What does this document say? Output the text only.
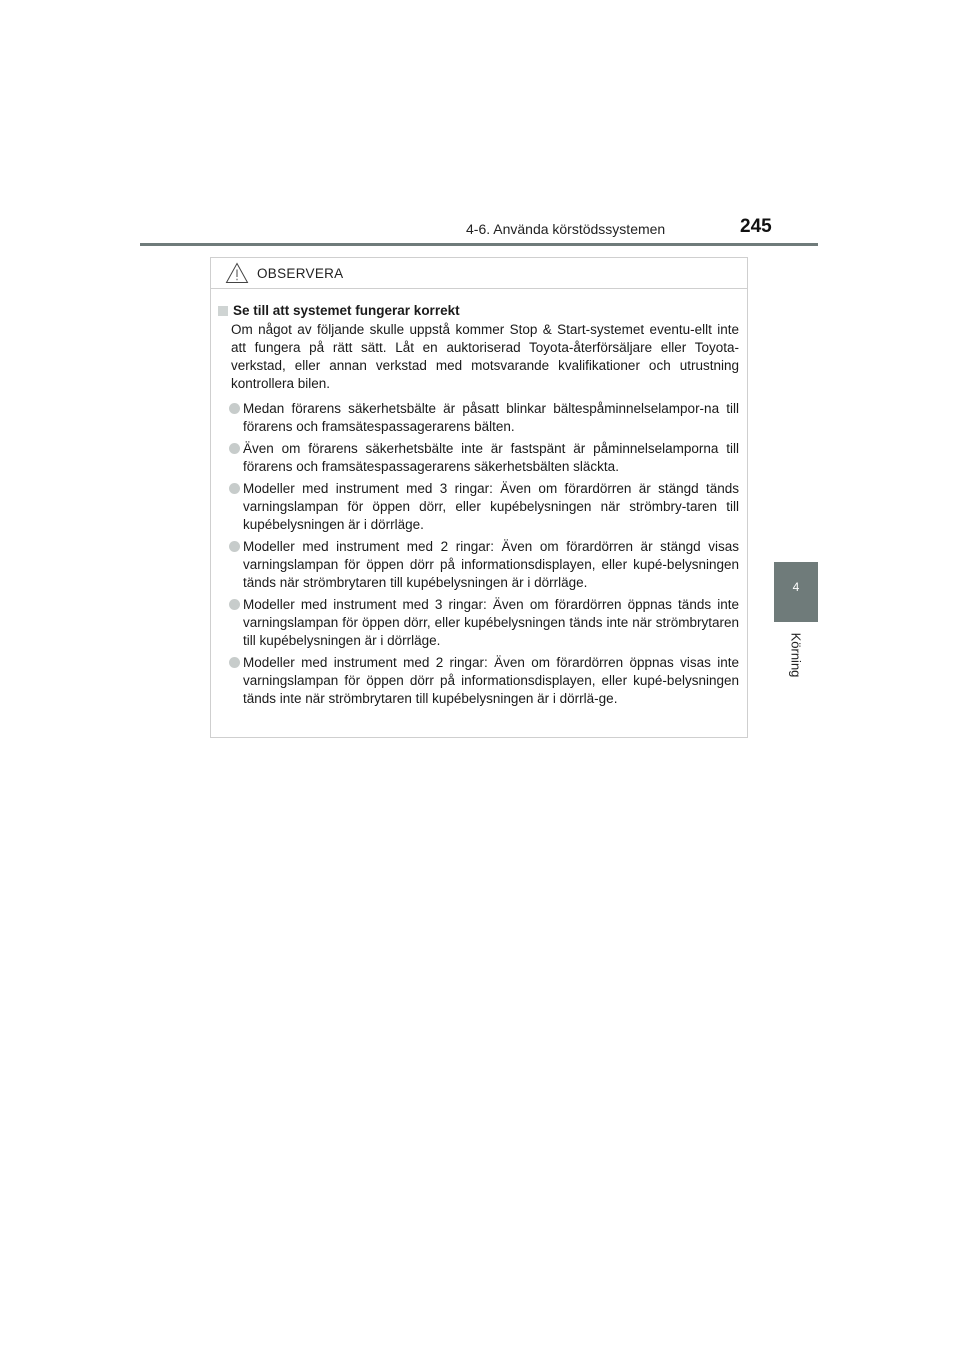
4-6. Använda körstödssystemen	245
4
Körning
OBSERVERA
Se till att systemet fungerar korrekt

Om något av följande skulle uppstå kommer Stop & Start-systemet eventu-ellt inte att fungera på rätt sätt. Låt en auktoriserad Toyota-återförsäljare eller Toyota-verkstad, eller annan verkstad med motsvarande kvalifikationer och utrustning kontrollera bilen.

Medan förarens säkerhetsbälte är påsatt blinkar bältespåminnelselampor-na till förarens och framsätespassagerarens bälten.
Även om förarens säkerhetsbälte inte är fastspänt är påminnelselamporna till förarens och framsätespassagerarens säkerhetsbälten släckta.
Modeller med instrument med 3 ringar: Även om förardörren är stängd tänds varningslampan för öppen dörr, eller kupébelysningen när strömbry-taren till kupébelysningen är i dörrläge.
Modeller med instrument med 2 ringar: Även om förardörren är stängd visas varningslampan för öppen dörr på informationsdisplayen, eller kupé-belysningen tänds när strömbrytaren till kupébelysningen är i dörrläge.
Modeller med instrument med 3 ringar: Även om förardörren öppnas tänds inte varningslampan för öppen dörr, eller kupébelysningen tänds inte när strömbrytaren till kupébelysningen är i dörrläge.
Modeller med instrument med 2 ringar: Även om förardörren öppnas visas inte varningslampan för öppen dörr på informationsdisplayen, eller kupé-belysningen tänds inte när strömbrytaren till kupébelysningen är i dörrlä-ge.
